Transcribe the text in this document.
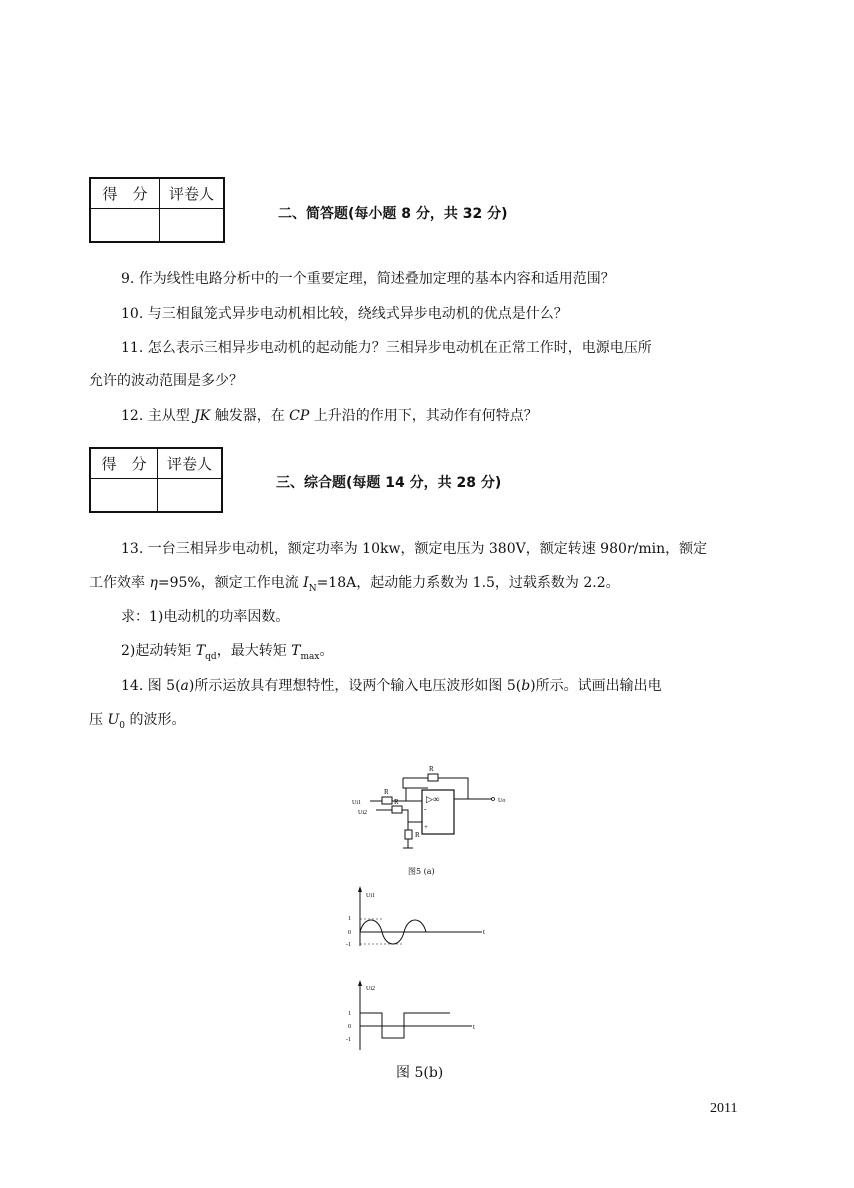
得　分	评卷人

二、简答题(每小题 8 分，共 32 分)
9. 作为线性电路分析中的一个重要定理，简述叠加定理的基本内容和适用范围？
10. 与三相鼠笼式异步电动机相比较，绕线式异步电动机的优点是什么？
11. 怎么表示三相异步电动机的起动能力？三相异步电动机在正常工作时，电源电压所
允许的波动范围是多少？
12. 主从型 JK 触发器，在 CP 上升沿的作用下，其动作有何特点？
得　分	评卷人

三、综合题(每题 14 分，共 28 分)
13. 一台三相异步电动机，额定功率为 10kw，额定电压为 380V，额定转速 980r/min，额定
工作效率 η=95%，额定工作电流 $I_N=18A$，起动能力系数为 1.5，过载系数为 2.2。
求：1)电动机的功率因数。
2)起动转矩 $T_{qd}$，最大转矩 $T_{max}$。
14. 图 5(a)所示运放具有理想特性，设两个输入电压波形如图 5(b)所示。试画出输出电
压 $U_0$ 的波形。
R
Ui1
R
▷∞
-
+
Uo
Ui2
R
R
图5 (a)
Ui1
t
1
0
-1
Ui2
t
1
0
-1
图 5(b)
2011
